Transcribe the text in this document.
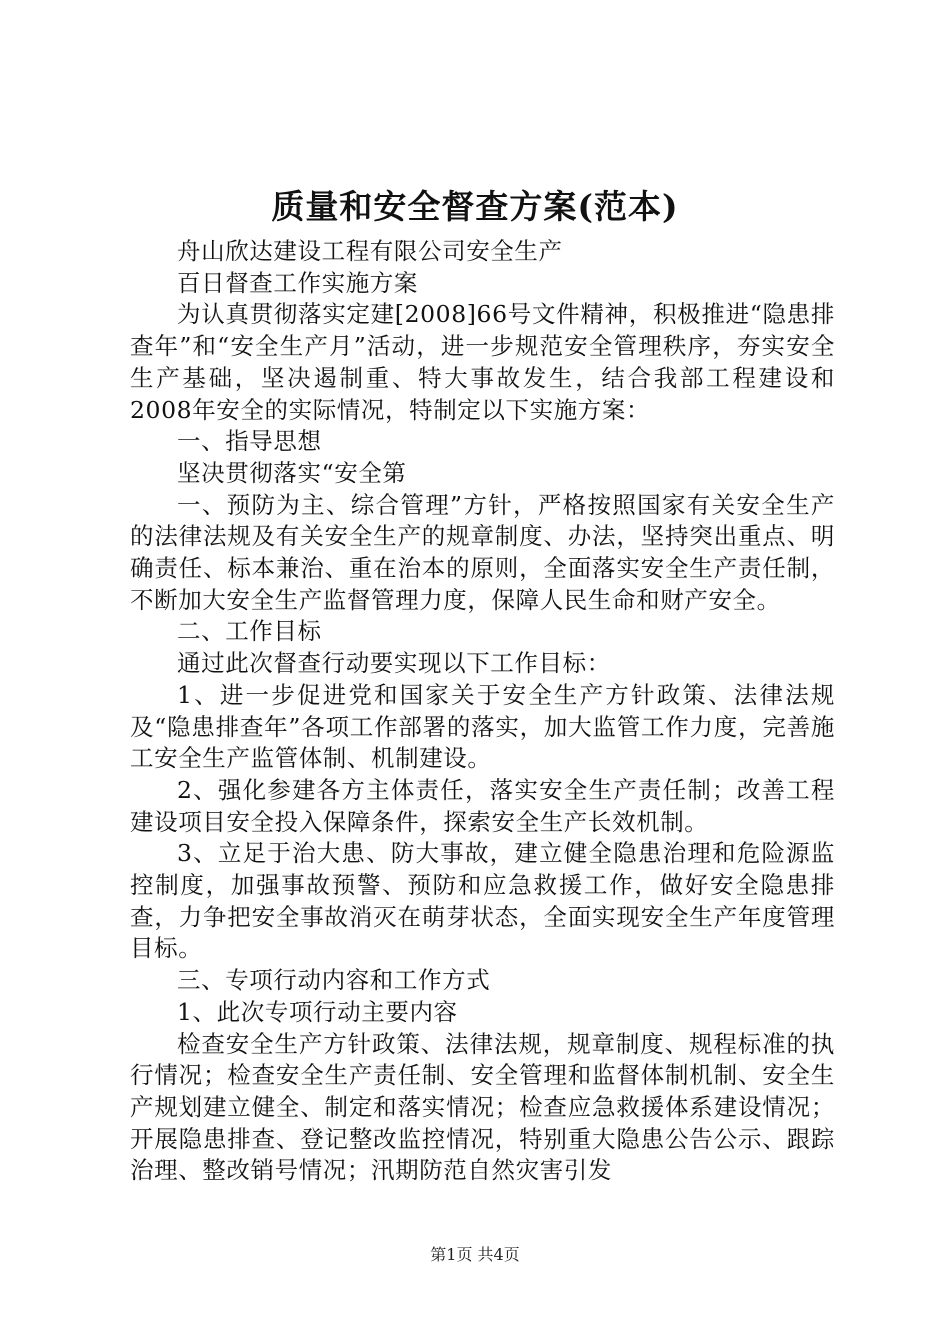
质量和安全督查方案(范本)

舟山欣达建设工程有限公司安全生产

百日督查工作实施方案

为认真贯彻落实定建[2008]66号文件精神，积极推进“隐患排查年”和“安全生产月”活动，进一步规范安全管理秩序，夯实安全生产基础，坚决遏制重、特大事故发生，结合我部工程建设和2008年安全的实际情况，特制定以下实施方案：

一、指导思想

坚决贯彻落实“安全第

一、预防为主、综合管理”方针，严格按照国家有关安全生产的法律法规及有关安全生产的规章制度、办法，坚持突出重点、明确责任、标本兼治、重在治本的原则，全面落实安全生产责任制，不断加大安全生产监督管理力度，保障人民生命和财产安全。

二、工作目标

通过此次督查行动要实现以下工作目标：

1、进一步促进党和国家关于安全生产方针政策、法律法规及“隐患排查年”各项工作部署的落实，加大监管工作力度，完善施工安全生产监管体制、机制建设。

2、强化参建各方主体责任，落实安全生产责任制；改善工程建设项目安全投入保障条件，探索安全生产长效机制。

3、立足于治大患、防大事故，建立健全隐患治理和危险源监控制度，加强事故预警、预防和应急救援工作，做好安全隐患排查，力争把安全事故消灭在萌芽状态，全面实现安全生产年度管理目标。

三、专项行动内容和工作方式

1、此次专项行动主要内容

检查安全生产方针政策、法律法规，规章制度、规程标准的执行情况；检查安全生产责任制、安全管理和监督体制机制、安全生产规划建立健全、制定和落实情况；检查应急救援体系建设情况；开展隐患排查、登记整改监控情况，特别重大隐患公告公示、跟踪治理、整改销号情况；汛期防范自然灾害引发

第1页 共4页
